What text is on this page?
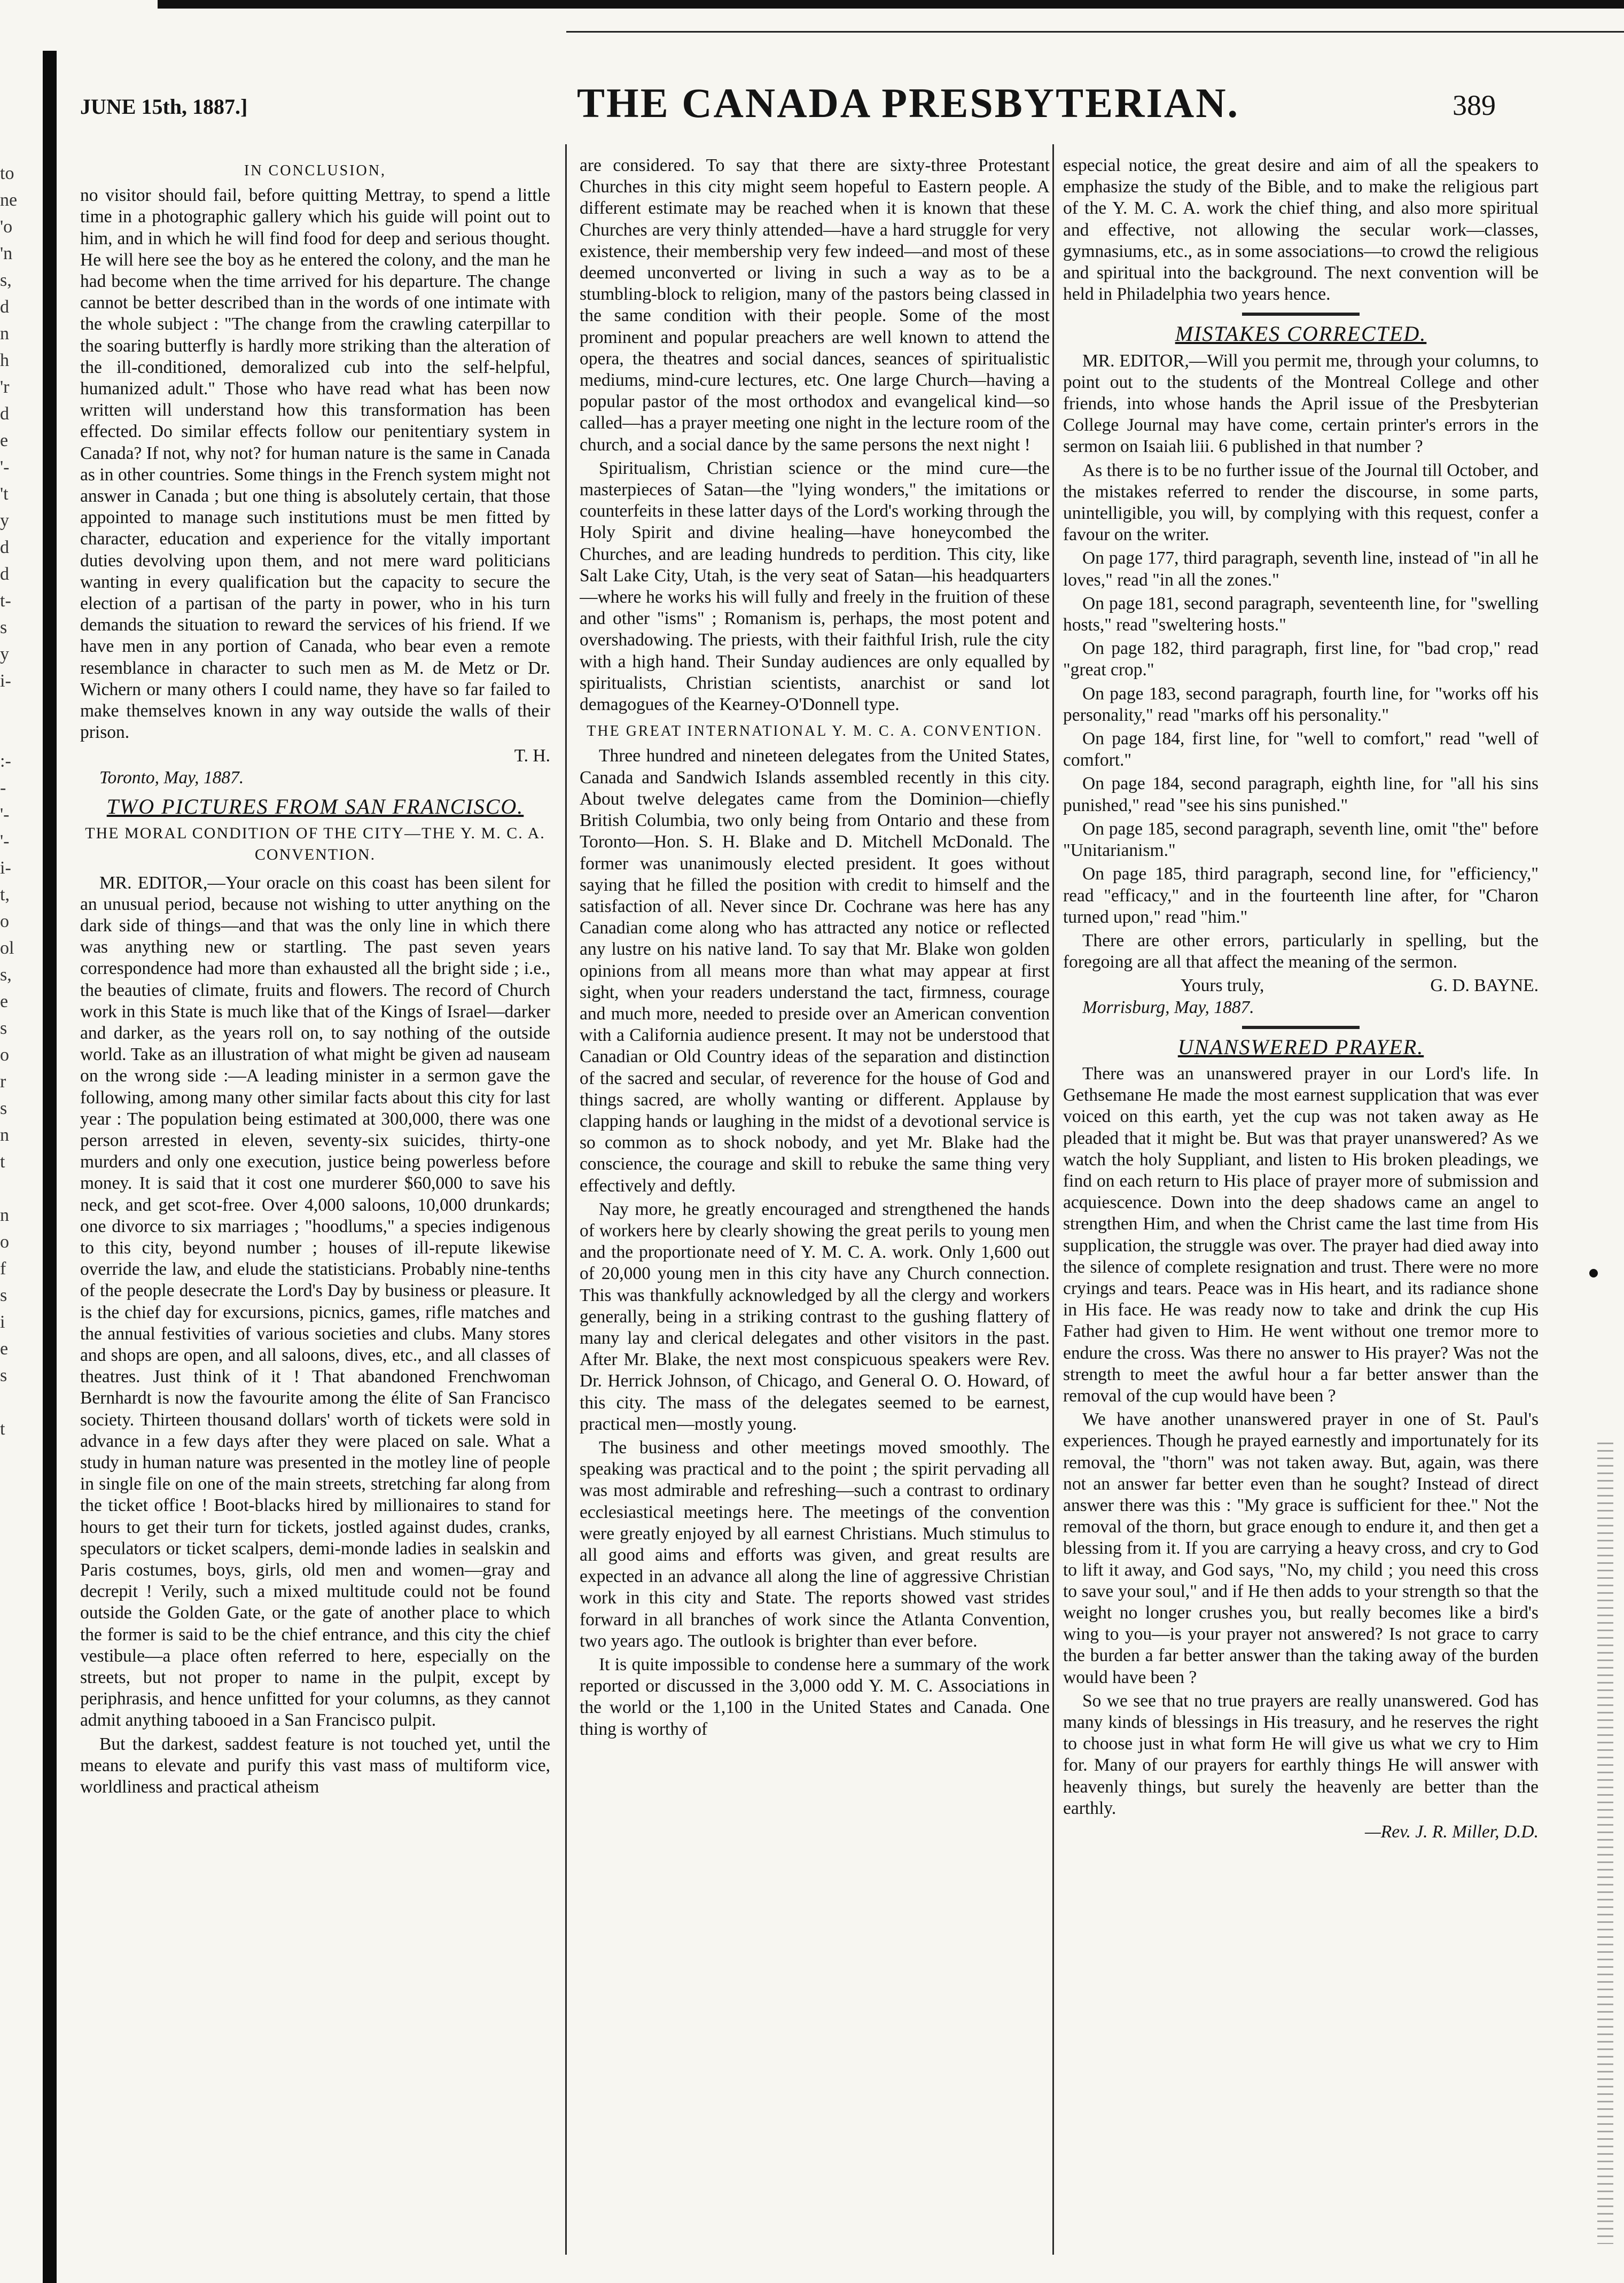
to
ne
'o
'n
s,
d
n
h
'r
d
e
'-
't
y
d
d
t-
s
y
i-
:-
-
'-
'-
i-
t,
o
ol
s,
e
s
o
r
s
n
t
n
o
f
s
i
e
s
t
JUNE 15th, 1887.]	THE CANADA PRESBYTERIAN.	389
IN CONCLUSION,

no visitor should fail, before quitting Mettray, to spend a little time in a photographic gallery which his guide will point out to him, and in which he will find food for deep and serious thought. He will here see the boy as he entered the colony, and the man he had become when the time arrived for his departure. The change cannot be better described than in the words of one intimate with the whole subject : "The change from the crawling caterpillar to the soaring butterfly is hardly more striking than the alteration of the ill-conditioned, demoralized cub into the self-helpful, humanized adult." Those who have read what has been now written will understand how this transformation has been effected. Do similar effects follow our penitentiary system in Canada? If not, why not? for human nature is the same in Canada as in other countries. Some things in the French system might not answer in Canada ; but one thing is absolutely certain, that those appointed to manage such institutions must be men fitted by character, education and experience for the vitally important duties devolving upon them, and not mere ward politicians wanting in every qualification but the capacity to secure the election of a partisan of the party in power, who in his turn demands the situation to reward the services of his friend. If we have men in any portion of Canada, who bear even a remote resemblance in character to such men as M. de Metz or Dr. Wichern or many others I could name, they have so far failed to make themselves known in any way outside the walls of their prison.

T. H.
Toronto, May, 1887.
TWO PICTURES FROM SAN FRANCISCO.
THE MORAL CONDITION OF THE CITY—THE Y. M. C. A. CONVENTION.

MR. EDITOR,—Your oracle on this coast has been silent for an unusual period, because not wishing to utter anything on the dark side of things—and that was the only line in which there was anything new or startling. The past seven years correspondence had more than exhausted all the bright side ; i.e., the beauties of climate, fruits and flowers. The record of Church work in this State is much like that of the Kings of Israel—darker and darker, as the years roll on, to say nothing of the outside world. Take as an illustration of what might be given ad nauseam on the wrong side :—A leading minister in a sermon gave the following, among many other similar facts about this city for last year : The population being estimated at 300,000, there was one person arrested in eleven, seventy-six suicides, thirty-one murders and only one execution, justice being powerless before money. It is said that it cost one murderer $60,000 to save his neck, and get scot-free. Over 4,000 saloons, 10,000 drunkards; one divorce to six marriages ; "hoodlums," a species indigenous to this city, beyond number ; houses of ill-repute likewise override the law, and elude the statisticians. Probably nine-tenths of the people desecrate the Lord's Day by business or pleasure. It is the chief day for excursions, picnics, games, rifle matches and the annual festivities of various societies and clubs. Many stores and shops are open, and all saloons, dives, etc., and all classes of theatres. Just think of it ! That abandoned Frenchwoman Bernhardt is now the favourite among the élite of San Francisco society. Thirteen thousand dollars' worth of tickets were sold in advance in a few days after they were placed on sale. What a study in human nature was presented in the motley line of people in single file on one of the main streets, stretching far along from the ticket office ! Boot-blacks hired by millionaires to stand for hours to get their turn for tickets, jostled against dudes, cranks, speculators or ticket scalpers, demi-monde ladies in sealskin and Paris costumes, boys, girls, old men and women—gray and decrepit ! Verily, such a mixed multitude could not be found outside the Golden Gate, or the gate of another place to which the former is said to be the chief entrance, and this city the chief vestibule—a place often referred to here, especially on the streets, but not proper to name in the pulpit, except by periphrasis, and hence unfitted for your columns, as they cannot admit anything tabooed in a San Francisco pulpit.

But the darkest, saddest feature is not touched yet, until the means to elevate and purify this vast mass of multiform vice, worldliness and practical atheism

are considered. To say that there are sixty-three Protestant Churches in this city might seem hopeful to Eastern people. A different estimate may be reached when it is known that these Churches are very thinly attended—have a hard struggle for very existence, their membership very few indeed—and most of these deemed unconverted or living in such a way as to be a stumbling-block to religion, many of the pastors being classed in the same condition with their people. Some of the most prominent and popular preachers are well known to attend the opera, the theatres and social dances, seances of spiritualistic mediums, mind-cure lectures, etc. One large Church—having a popular pastor of the most orthodox and evangelical kind—so called—has a prayer meeting one night in the lecture room of the church, and a social dance by the same persons the next night !

Spiritualism, Christian science or the mind cure—the masterpieces of Satan—the "lying wonders," the imitations or counterfeits in these latter days of the Lord's working through the Holy Spirit and divine healing—have honeycombed the Churches, and are leading hundreds to perdition. This city, like Salt Lake City, Utah, is the very seat of Satan—his headquarters—where he works his will fully and freely in the fruition of these and other "isms" ; Romanism is, perhaps, the most potent and overshadowing. The priests, with their faithful Irish, rule the city with a high hand. Their Sunday audiences are only equalled by spiritualists, Christian scientists, anarchist or sand lot demagogues of the Kearney-O'Donnell type.

THE GREAT INTERNATIONAL Y. M. C. A. CONVENTION.

Three hundred and nineteen delegates from the United States, Canada and Sandwich Islands assembled recently in this city. About twelve delegates came from the Dominion—chiefly British Columbia, two only being from Ontario and these from Toronto—Hon. S. H. Blake and D. Mitchell McDonald. The former was unanimously elected president. It goes without saying that he filled the position with credit to himself and the satisfaction of all. Never since Dr. Cochrane was here has any Canadian come along who has attracted any notice or reflected any lustre on his native land. To say that Mr. Blake won golden opinions from all means more than what may appear at first sight, when your readers understand the tact, firmness, courage and much more, needed to preside over an American convention with a California audience present. It may not be understood that Canadian or Old Country ideas of the separation and distinction of the sacred and secular, of reverence for the house of God and things sacred, are wholly wanting or different. Applause by clapping hands or laughing in the midst of a devotional service is so common as to shock nobody, and yet Mr. Blake had the conscience, the courage and skill to rebuke the same thing very effectively and deftly.

Nay more, he greatly encouraged and strengthened the hands of workers here by clearly showing the great perils to young men and the proportionate need of Y. M. C. A. work. Only 1,600 out of 20,000 young men in this city have any Church connection. This was thankfully acknowledged by all the clergy and workers generally, being in a striking contrast to the gushing flattery of many lay and clerical delegates and other visitors in the past. After Mr. Blake, the next most conspicuous speakers were Rev. Dr. Herrick Johnson, of Chicago, and General O. O. Howard, of this city. The mass of the delegates seemed to be earnest, practical men—mostly young.

The business and other meetings moved smoothly. The speaking was practical and to the point ; the spirit pervading all was most admirable and refreshing—such a contrast to ordinary ecclesiastical meetings here. The meetings of the convention were greatly enjoyed by all earnest Christians. Much stimulus to all good aims and efforts was given, and great results are expected in an advance all along the line of aggressive Christian work in this city and State. The reports showed vast strides forward in all branches of work since the Atlanta Convention, two years ago. The outlook is brighter than ever before.

It is quite impossible to condense here a summary of the work reported or discussed in the 3,000 odd Y. M. C. Associations in the world or the 1,100 in the United States and Canada. One thing is worthy of

especial notice, the great desire and aim of all the speakers to emphasize the study of the Bible, and to make the religious part of the Y. M. C. A. work the chief thing, and also more spiritual and effective, not allowing the secular work—classes, gymnasiums, etc., as in some associations—to crowd the religious and spiritual into the background. The next convention will be held in Philadelphia two years hence.

MISTAKES CORRECTED.

MR. EDITOR,—Will you permit me, through your columns, to point out to the students of the Montreal College and other friends, into whose hands the April issue of the Presbyterian College Journal may have come, certain printer's errors in the sermon on Isaiah liii. 6 published in that number ?

As there is to be no further issue of the Journal till October, and the mistakes referred to render the discourse, in some parts, unintelligible, you will, by complying with this request, confer a favour on the writer.

On page 177, third paragraph, seventh line, instead of "in all he loves," read "in all the zones."

On page 181, second paragraph, seventeenth line, for "swelling hosts," read "sweltering hosts."

On page 182, third paragraph, first line, for "bad crop," read "great crop."

On page 183, second paragraph, fourth line, for "works off his personality," read "marks off his personality."

On page 184, first line, for "well to comfort," read "well of comfort."

On page 184, second paragraph, eighth line, for "all his sins punished," read "see his sins punished."

On page 185, second paragraph, seventh line, omit "the" before "Unitarianism."

On page 185, third paragraph, second line, for "efficiency," read "efficacy," and in the fourteenth line after, for "Charon turned upon," read "him."

There are other errors, particularly in spelling, but the foregoing are all that affect the meaning of the sermon.

Yours truly,	G. D. BAYNE.
Morrisburg, May, 1887.
UNANSWERED PRAYER.

There was an unanswered prayer in our Lord's life. In Gethsemane He made the most earnest supplication that was ever voiced on this earth, yet the cup was not taken away as He pleaded that it might be. But was that prayer unanswered? As we watch the holy Suppliant, and listen to His broken pleadings, we find on each return to His place of prayer more of submission and acquiescence. Down into the deep shadows came an angel to strengthen Him, and when the Christ came the last time from His supplication, the struggle was over. The prayer had died away into the silence of complete resignation and trust. There were no more cryings and tears. Peace was in His heart, and its radiance shone in His face. He was ready now to take and drink the cup His Father had given to Him. He went without one tremor more to endure the cross. Was there no answer to His prayer? Was not the strength to meet the awful hour a far better answer than the removal of the cup would have been ?

We have another unanswered prayer in one of St. Paul's experiences. Though he prayed earnestly and importunately for its removal, the "thorn" was not taken away. But, again, was there not an answer far better even than he sought? Instead of direct answer there was this : "My grace is sufficient for thee." Not the removal of the thorn, but grace enough to endure it, and then get a blessing from it. If you are carrying a heavy cross, and cry to God to lift it away, and God says, "No, my child ; you need this cross to save your soul," and if He then adds to your strength so that the weight no longer crushes you, but really becomes like a bird's wing to you—is your prayer not answered? Is not grace to carry the burden a far better answer than the taking away of the burden would have been ?

So we see that no true prayers are really unanswered. God has many kinds of blessings in His treasury, and he reserves the right to choose just in what form He will give us what we cry to Him for. Many of our prayers for earthly things He will answer with heavenly things, but surely the heavenly are better than the earthly.

—Rev. J. R. Miller, D.D.
